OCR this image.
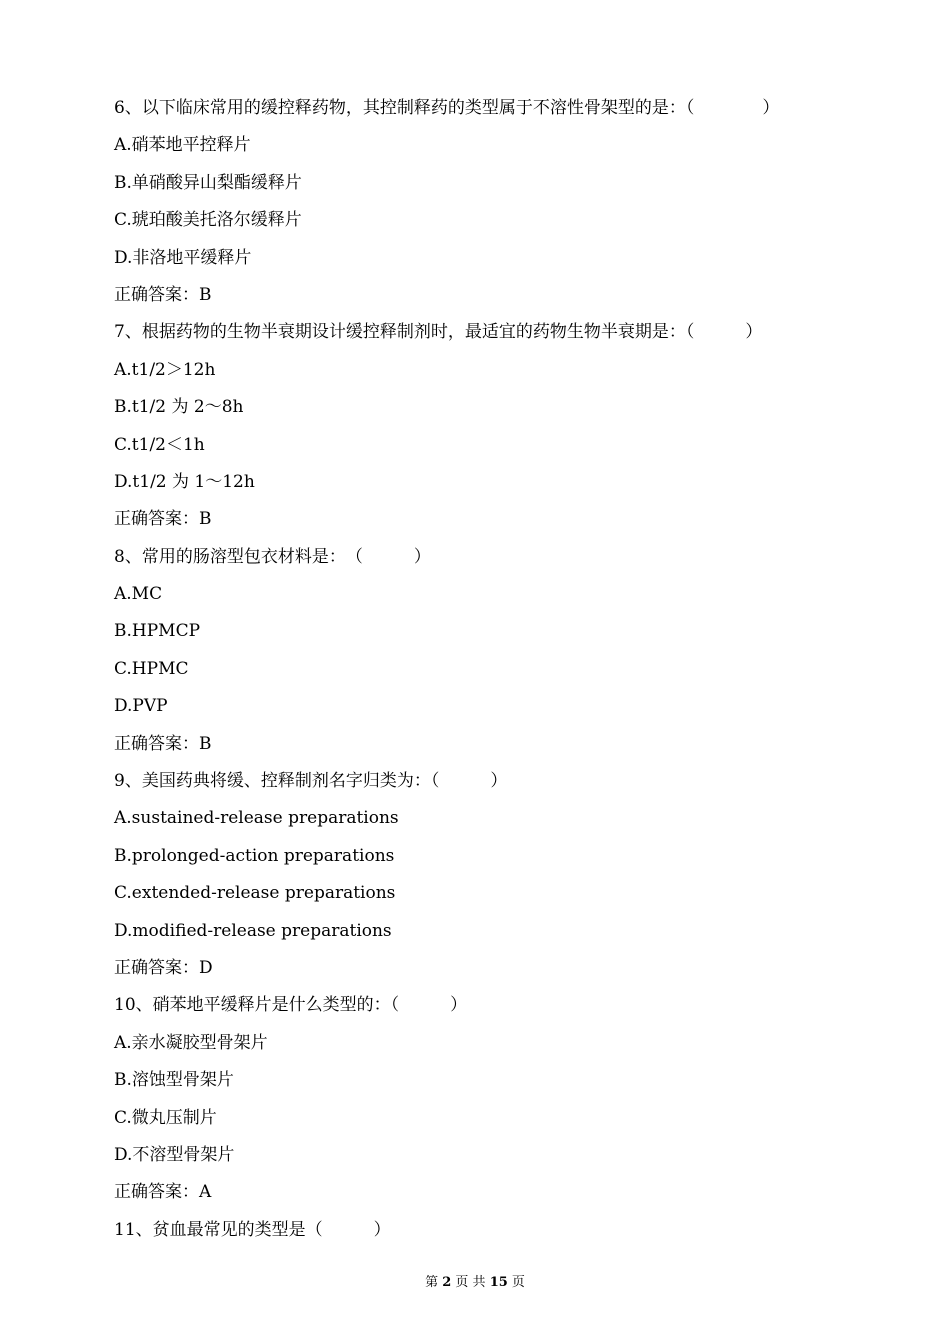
6、以下临床常用的缓控释药物，其控制释药的类型属于不溶性骨架型的是：（　　　　）
A.硝苯地平控释片
B.单硝酸异山梨酯缓释片
C.琥珀酸美托洛尔缓释片
D.非洛地平缓释片
正确答案：B
7、根据药物的生物半衰期设计缓控释制剂时，最适宜的药物生物半衰期是：（　　　）
A.t1/2＞12h
B.t1/2 为 2～8h
C.t1/2＜1h
D.t1/2 为 1～12h
正确答案：B
8、常用的肠溶型包衣材料是：　（　　　）
A.MC
B.HPMCP
C.HPMC
D.PVP
正确答案：B
9、美国药典将缓、控释制剂名字归类为：（　　　）
A.sustained-release preparations
B.prolonged-action preparations
C.extended-release preparations
D.modified-release preparations
正确答案：D
10、硝苯地平缓释片是什么类型的：（　　　）
A.亲水凝胶型骨架片
B.溶蚀型骨架片
C.微丸压制片
D.不溶型骨架片
正确答案：A
11、贫血最常见的类型是（　　　）
第 2 页 共 15 页
